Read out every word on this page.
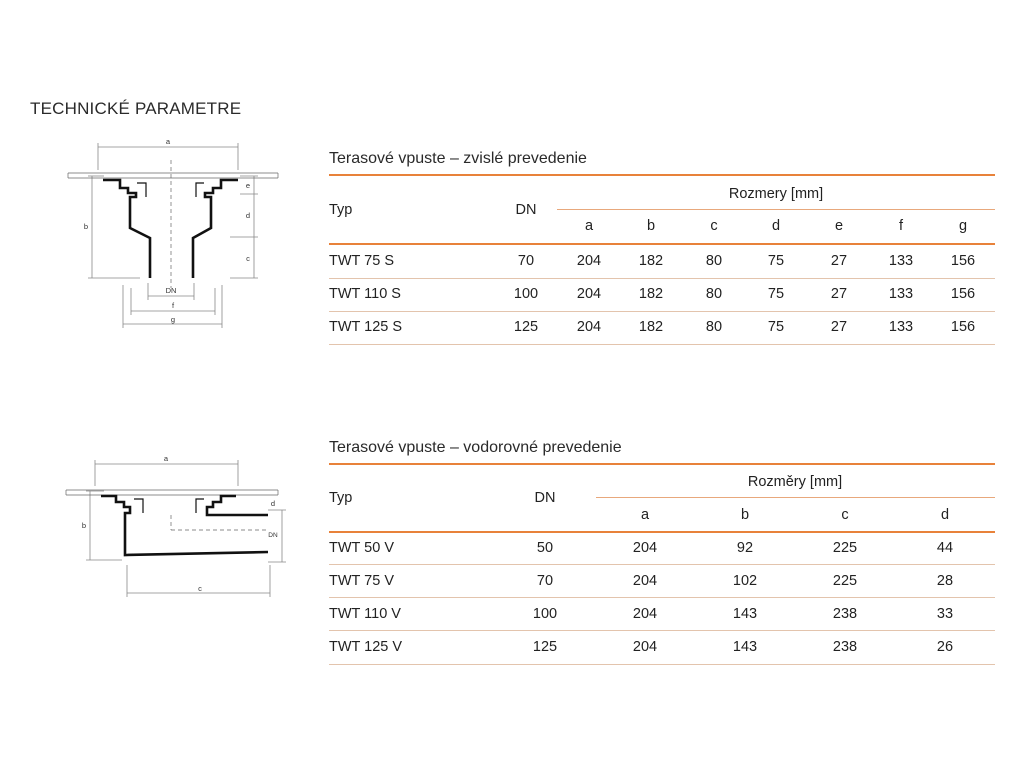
TECHNICKÉ PARAMETRE
a
b
e
d
c
DN
f
g
a
b
d
DN
c
Terasové vpuste – zvislé prevedenie
Typ	DN
Rozmery [mm]
a	b	c	d	e	f	g
TWT 75 S	70	204	182	80	75	27	133	156
TWT 110 S	100	204	182	80	75	27	133	156
TWT 125 S	125	204	182	80	75	27	133	156
Terasové vpuste – vodorovné prevedenie
Typ	DN
Rozměry [mm]
a	b	c	d
TWT 50 V	50	204	92	225	44
TWT 75 V	70	204	102	225	28
TWT 110 V	100	204	143	238	33
TWT 125 V	125	204	143	238	26
